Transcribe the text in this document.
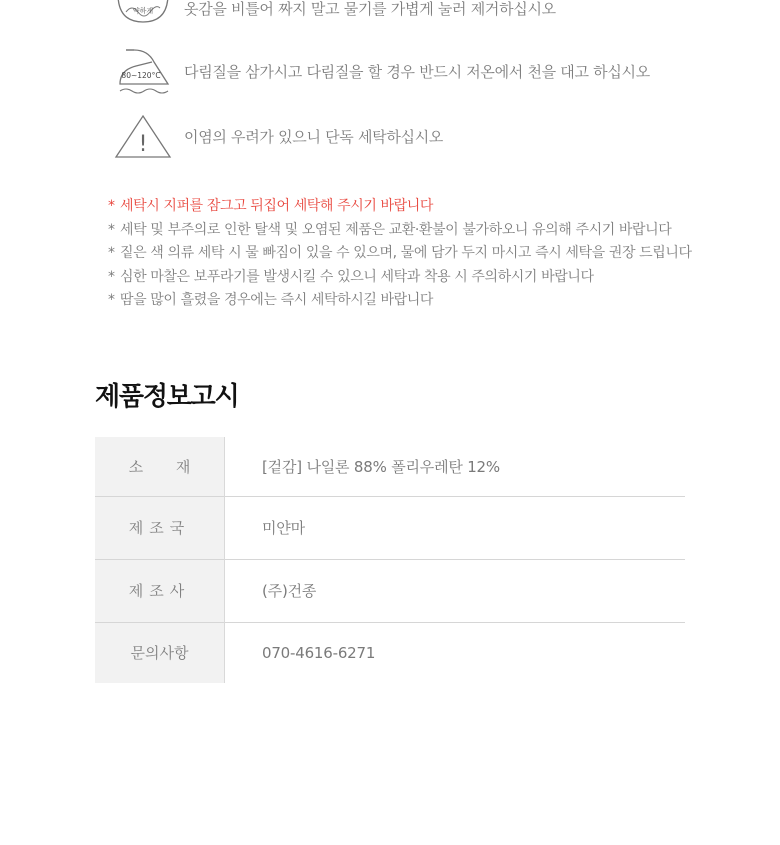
약하게 옷감을 비틀어 짜지 말고 물기를 가볍게 눌러 제거하십시오
80~120°C 다림질을 삼가시고 다림질을 할 경우 반드시 저온에서 천을 대고 하십시오
! 이염의 우려가 있으니 단독 세탁하십시오
* 세탁시 지퍼를 잠그고 뒤집어 세탁해 주시기 바랍니다
* 세탁 및 부주의로 인한 탈색 및 오염된 제품은 교환·환불이 불가하오니 유의해 주시기 바랍니다
* 짙은 색 의류 세탁 시 물 빠짐이 있을 수 있으며, 물에 담가 두지 마시고 즉시 세탁을 권장 드립니다
* 심한 마찰은 보푸라기를 발생시킬 수 있으니 세탁과 착용 시 주의하시기 바랍니다
* 땀을 많이 흘렸을 경우에는 즉시 세탁하시길 바랍니다
제품정보고시
소 재	[겉감] 나일론 88% 폴리우레탄 12%
제조국	미얀마
제조사	(주)건종
문의사항	070-4616-6271
